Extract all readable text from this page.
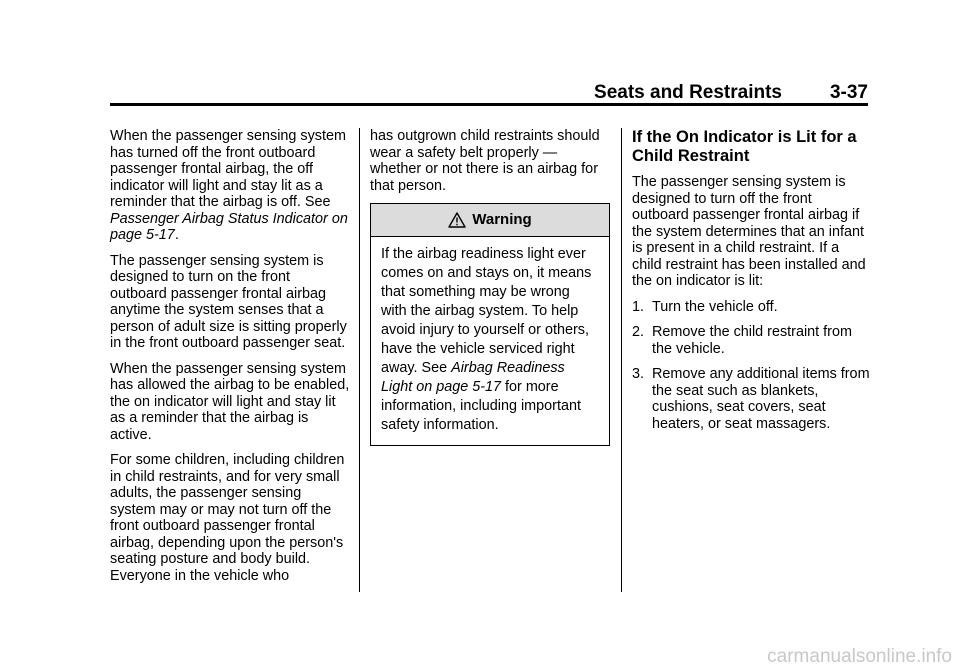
Seats and Restraints	3-37

When the passenger sensing system has turned off the front outboard passenger frontal airbag, the off indicator will light and stay lit as a reminder that the airbag is off. See Passenger Airbag Status Indicator on page 5-17.

The passenger sensing system is designed to turn on the front outboard passenger frontal airbag anytime the system senses that a person of adult size is sitting properly in the front outboard passenger seat.

When the passenger sensing system has allowed the airbag to be enabled, the on indicator will light and stay lit as a reminder that the airbag is active.

For some children, including children in child restraints, and for very small adults, the passenger sensing system may or may not turn off the front outboard passenger frontal airbag, depending upon the person's seating posture and body build. Everyone in the vehicle who

has outgrown child restraints should wear a safety belt properly — whether or not there is an airbag for that person.

Warning
If the airbag readiness light ever comes on and stays on, it means that something may be wrong with the airbag system. To help avoid injury to yourself or others, have the vehicle serviced right away. See Airbag Readiness Light on page 5-17 for more information, including important safety information.
If the On Indicator is Lit for a Child Restraint

The passenger sensing system is designed to turn off the front outboard passenger frontal airbag if the system determines that an infant is present in a child restraint. If a child restraint has been installed and the on indicator is lit:

1. Turn the vehicle off.
2. Remove the child restraint from the vehicle.
3. Remove any additional items from the seat such as blankets, cushions, seat covers, seat heaters, or seat massagers.
carmanualsonline.info
